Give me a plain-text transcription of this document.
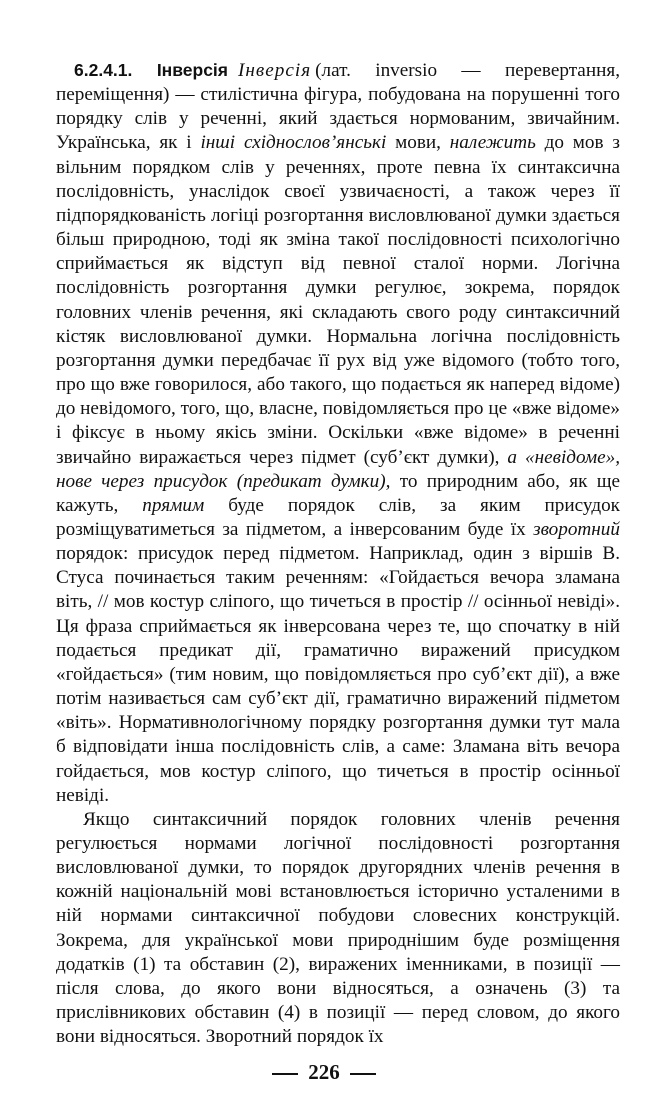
6.2.4.1. Інверсія Інверсія (лат. inversio — перевертання, переміщення) — стилістична фігура, побудована на порушенні того порядку слів у реченні, який здається нормованим, звичайним. Українська, як і інші східнослов’янські мови, належить до мов з вільним порядком слів у реченнях, проте певна їх синтаксична послідовність, унаслідок своєї узвичаєності, а також через її підпорядкованість логіці розгортання висловлюваної думки здається більш природною, тоді як зміна такої послідовності психологічно сприймається як відступ від певної сталої норми. Логічна послідовність розгортання думки регулює, зокрема, порядок головних членів речення, які складають свого роду синтаксичний кістяк висловлюваної думки. Нормальна логічна послідовність розгортання думки передбачає її рух від уже відомого (тобто того, про що вже говорилося, або такого, що подається як наперед відоме) до невідомого, того, що, власне, повідомляється про це «вже відоме» і фіксує в ньому якісь зміни. Оскільки «вже відоме» в реченні звичайно виражається через підмет (суб’єкт думки), а «невідоме», нове через присудок (предикат думки), то природним або, як ще кажуть, прямим буде порядок слів, за яким присудок розміщуватиметься за підметом, а інверсованим буде їх зворотний порядок: присудок перед підметом. Наприклад, один з віршів В. Стуса починається таким реченням: «Гойдається вечора зламана віть, // мов костур сліпого, що тичеться в простір // осінньої невіді». Ця фраза сприймається як інверсована через те, що спочатку в ній подається предикат дії, граматично виражений присудком «гойдається» (тим новим, що повідомляється про суб’єкт дії), а вже потім називається сам суб’єкт дії, граматично виражений підметом «віть». Нормативнологічному порядку розгортання думки тут мала б відповідати інша послідовність слів, а саме: Зламана віть вечора гойдається, мов костур сліпого, що тичеться в простір осінньої невіді.

Якщо синтаксичний порядок головних членів речення регулюється нормами логічної послідовності розгортання висловлюваної думки, то порядок другорядних членів речення в кожній національній мові встановлюється історично усталеними в ній нормами синтаксичної побудови словесних конструкцій. Зокрема, для української мови природнішим буде розміщення додатків (1) та обставин (2), виражених іменниками, в позиції — після слова, до якого вони відносяться, а означень (3) та прислівникових обставин (4) в позиції — перед словом, до якого вони відносяться. Зворотний порядок їх

226
